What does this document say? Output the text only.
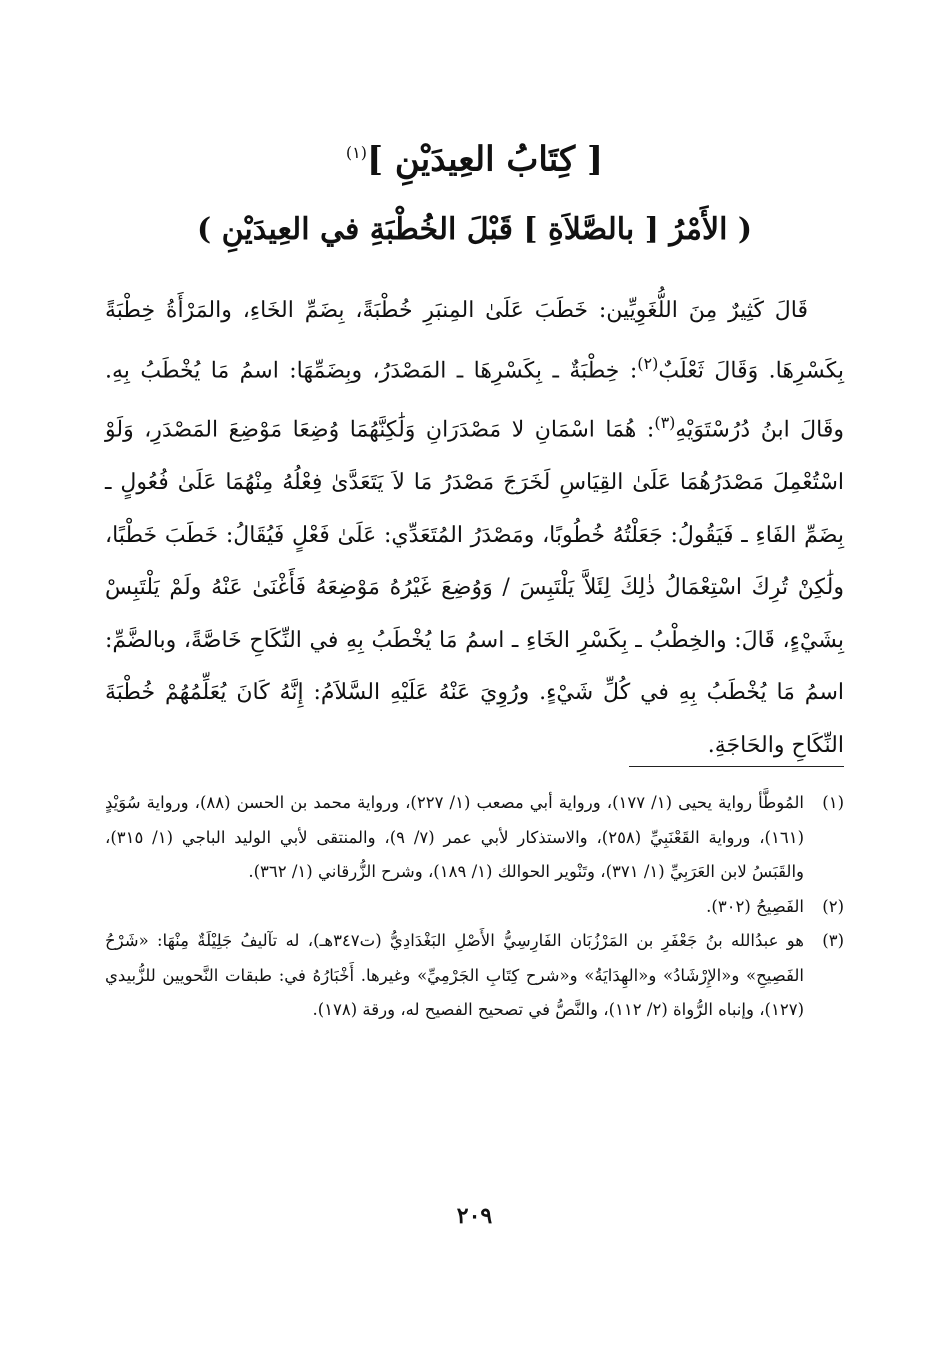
[ كِتَابُ العِيدَيْنِ ]$^{(١)}$
( الأَمْرُ [ بالصَّلاَةِ ] قَبْلَ الخُطْبَةِ في العِيدَيْنِ )

قَالَ كَثِيرٌ مِنَ اللُّغَوِيِّين: خَطَبَ عَلَىٰ المِنبَرِ خُطْبَةً، بِضَمِّ الخَاءِ، والمَرْأَةُ خِطْبَةً بِكَسْرِهَا. وَقَالَ ثَعْلَبٌ$^{(٢)}$: خِطْبَةٌ ـ بِكَسْرِهَا ـ المَصْدَرُ، وبِضَمِّهَا: اسمُ مَا يُخْطَبُ بِهِ. وقَالَ ابنُ دُرُسْتَوَيْهِ$^{(٣)}$: هُمَا اسْمَانِ لا مَصْدَرَانِ وَلَٰكِنَّهُمَا وُضِعَا مَوْضِعَ المَصْدَرِ، وَلَوْ اسْتُعْمِلَ مَصْدَرُهُمَا عَلَىٰ القِيَاسِ لَخَرَجَ مَصْدَرُ مَا لاَ يَتَعَدَّىٰ فِعْلُهُ مِنْهُمَا عَلَىٰ فُعُولٍ ـ بِضَمِّ الفَاءِ ـ فَيَقُولُ: جَعَلْتُهُ خُطُوبًا، ومَصْدَرُ المُتَعَدِّي: عَلَىٰ فَعْلٍ فَيُقَالُ: خَطَبَ خَطْبًا، ولَٰكِنْ تُرِكَ اسْتِعْمَالُ ذٰلِكَ لِئَلاَّ يَلْتَبِسَ / وَوُضِعَ غَيْرُهُ مَوْضِعَهُ فَأَغْنَىٰ عَنْهُ ولَمْ يَلْتَبِسْ بِشَيْءٍ، قَالَ: والخِطْبُ ـ بِكَسْرِ الخَاءِ ـ اسمُ مَا يُخْطَبُ بِهِ في النِّكَاحِ خَاصَّةً، وبالضَّمِّ: اسمُ مَا يُخْطَبُ بِهِ في كُلِّ شَيْءٍ. ورُوِيَ عَنْهُ عَلَيْهِ السَّلاَمُ: إِنَّهُ كَانَ يُعَلِّمُهُمْ خُطْبَةَ النِّكَاحِ والحَاجَةِ.

(١)
المُوطَّأ رواية يحيى (١/ ١٧٧)، ورواية أبي مصعب (١/ ٢٢٧)، ورواية محمد بن الحسن (٨٨)، ورواية سُوَيْدٍ (١٦١)، ورواية القَعْنَبِيِّ (٢٥٨)، والاستذكار لأبي عمر (٧/ ٩)، والمنتقى لأبي الوليد الباجي (١/ ٣١٥)، والقَبَسُ لابن العَرَبِيِّ (١/ ٣٧١)، وتَنْوير الحوالك (١/ ١٨٩)، وشرح الزُّرقاني (١/ ٣٦٢).
(٢)
الفَصِيحُ (٣٠٢).
(٣)
هو عبدُالله بنُ جَعْفَرِ بن المَرْزُبَان الفَارِسِيُّ الأَصْلِ البَغْدَادِيُّ (ت٣٤٧هـ)، له تآليفُ جَلِيْلَةٌ مِنْهَا: «شَرْحُ الفَصِيحِ» و«الإِرْشَادُ» و«الهِدَايَةُ» و«شرح كِتَابِ الجَرْمِيِّ» وغيرها. أَخْبَارُهُ في: طبقات النَّحويين للزُّبيدي (١٢٧)، وإنباه الرُّواة (٢/ ١١٢)، والنَّصُّ في تصحيح الفصيح له، ورقة (١٧٨).
٢٠٩
